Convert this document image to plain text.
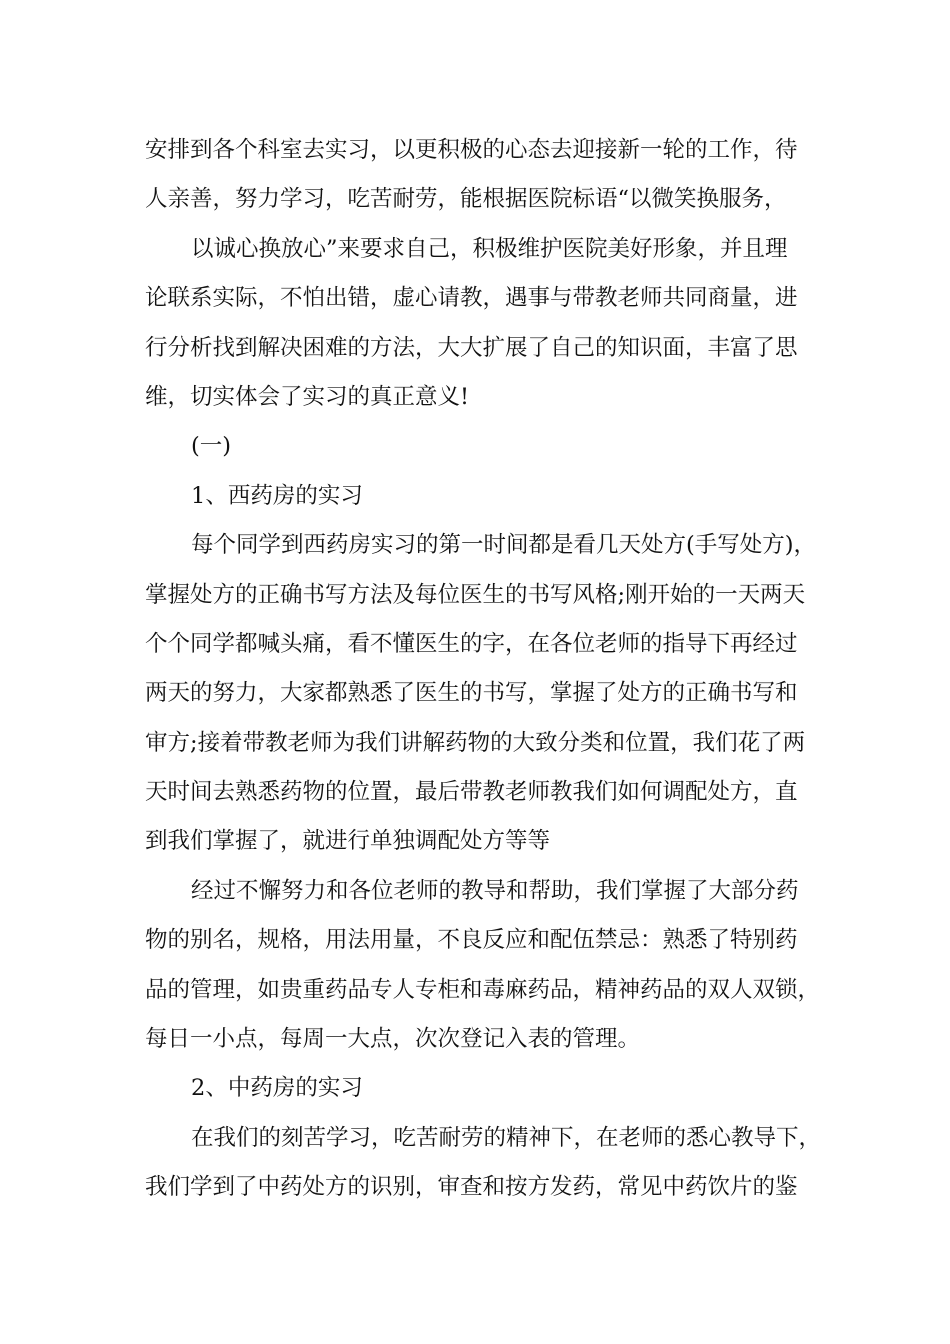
安排到各个科室去实习，以更积极的心态去迎接新一轮的工作，待
人亲善，努力学习，吃苦耐劳，能根据医院标语“以微笑换服务，
以诚心换放心”来要求自己，积极维护医院美好形象，并且理
论联系实际，不怕出错，虚心请教，遇事与带教老师共同商量，进
行分析找到解决困难的方法，大大扩展了自己的知识面，丰富了思
维，切实体会了实习的真正意义!
(一)
1、西药房的实习
每个同学到西药房实习的第一时间都是看几天处方(手写处方)，
掌握处方的正确书写方法及每位医生的书写风格;刚开始的一天两天
个个同学都喊头痛，看不懂医生的字，在各位老师的指导下再经过
两天的努力，大家都熟悉了医生的书写，掌握了处方的正确书写和
审方;接着带教老师为我们讲解药物的大致分类和位置，我们花了两
天时间去熟悉药物的位置，最后带教老师教我们如何调配处方，直
到我们掌握了，就进行单独调配处方等等
经过不懈努力和各位老师的教导和帮助，我们掌握了大部分药
物的别名，规格，用法用量，不良反应和配伍禁忌：熟悉了特别药
品的管理，如贵重药品专人专柜和毒麻药品，精神药品的双人双锁，
每日一小点，每周一大点，次次登记入表的管理。
2、中药房的实习
在我们的刻苦学习，吃苦耐劳的精神下，在老师的悉心教导下，
我们学到了中药处方的识别，审查和按方发药，常见中药饮片的鉴
